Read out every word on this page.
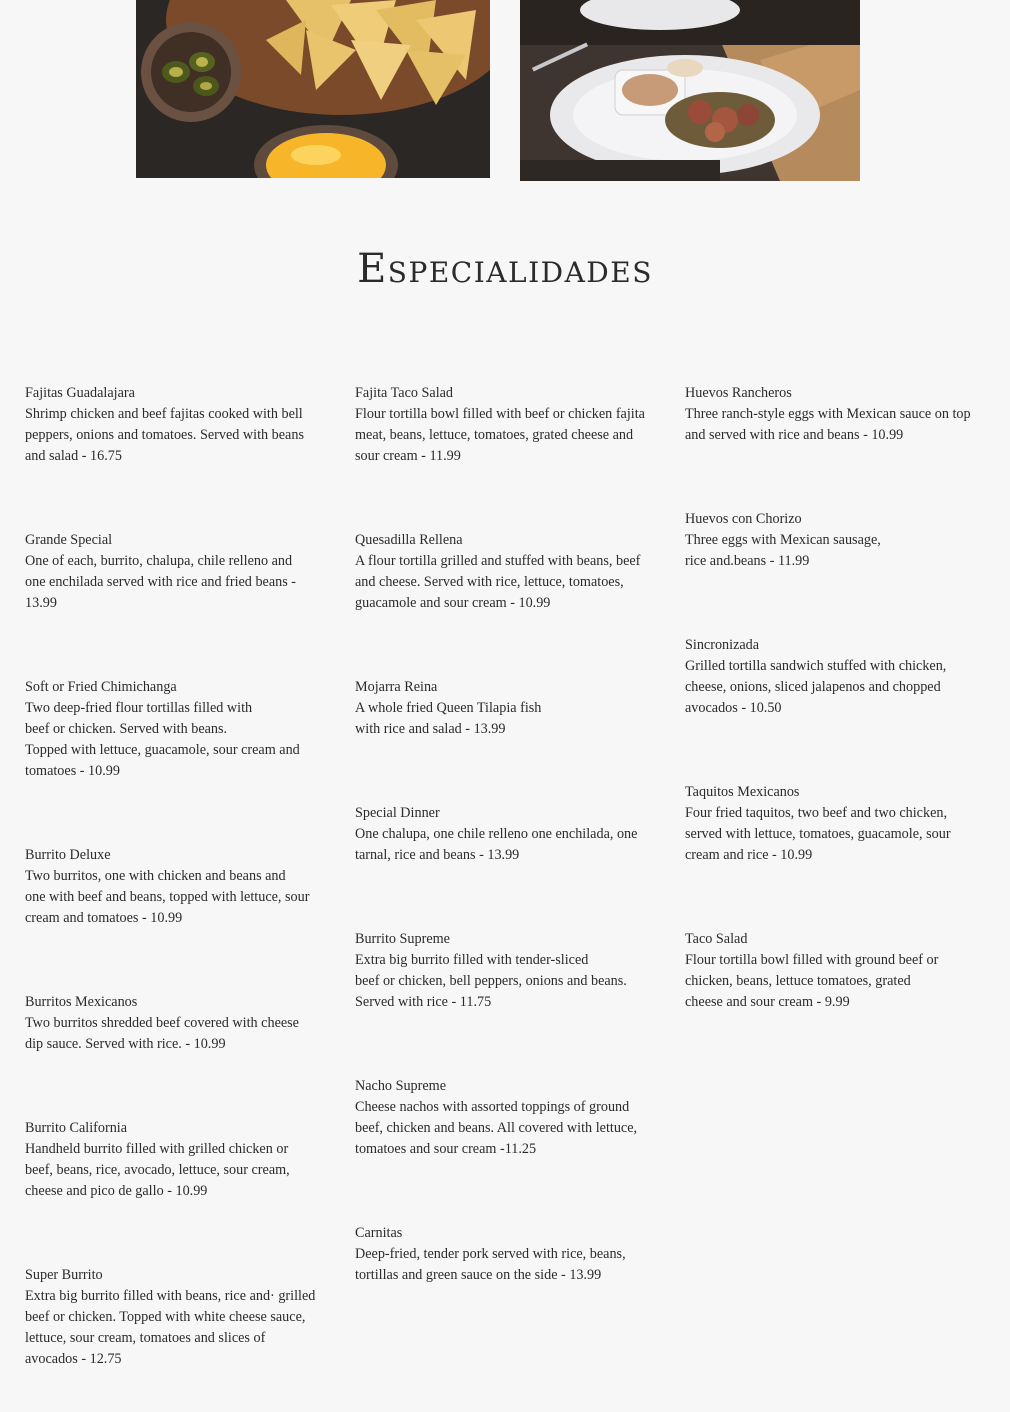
Especialidades

Fajitas Guadalajara
Shrimp chicken and beef fajitas cooked with bell
peppers, onions and tomatoes. Served with beans
and salad - 16.75

Grande Special
One of each, burrito, chalupa, chile relleno and
one enchilada served with rice and fried beans -
13.99

Soft or Fried Chimichanga
Two deep-fried flour tortillas filled with
beef or chicken. Served with beans.
Topped with lettuce, guacamole, sour cream and
tomatoes - 10.99

Burrito Deluxe
Two burritos, one with chicken and beans and
one with beef and beans, topped with lettuce, sour
cream and tomatoes - 10.99

Burritos Mexicanos
Two burritos shredded beef covered with cheese
dip sauce. Served with rice. - 10.99

Burrito California
Handheld burrito filled with grilled chicken or
beef, beans, rice, avocado, lettuce, sour cream,
cheese and pico de gallo - 10.99

Super Burrito
Extra big burrito filled with beans, rice and· grilled
beef or chicken. Topped with white cheese sauce,
lettuce, sour cream, tomatoes and slices of
avocados - 12.75

Fajita Taco Salad
Flour tortilla bowl filled with beef or chicken fajita
meat, beans, lettuce, tomatoes, grated cheese and
sour cream - 11.99

Quesadilla Rellena
A flour tortilla grilled and stuffed with beans, beef
and cheese. Served with rice, lettuce, tomatoes,
guacamole and sour cream - 10.99

Mojarra Reina
A whole fried Queen Tilapia fish
with rice and salad - 13.99

Special Dinner
One chalupa, one chile relleno one enchilada, one
tarnal, rice and beans - 13.99

Burrito Supreme
Extra big burrito filled with tender-sliced
beef or chicken, bell peppers, onions and beans.
Served with rice - 11.75

Nacho Supreme
Cheese nachos with assorted toppings of ground
beef, chicken and beans. All covered with lettuce,
tomatoes and sour cream -11.25

Carnitas
Deep-fried, tender pork served with rice, beans,
tortillas and green sauce on the side - 13.99

Huevos Rancheros
Three ranch-style eggs with Mexican sauce on top
and served with rice and beans - 10.99

Huevos con Chorizo
Three eggs with Mexican sausage,
rice and.beans - 11.99

Sincronizada
Grilled tortilla sandwich stuffed with chicken,
cheese, onions, sliced jalapenos and chopped
avocados - 10.50

Taquitos Mexicanos
Four fried taquitos, two beef and two chicken,
served with lettuce, tomatoes, guacamole, sour
cream and rice - 10.99

Taco Salad
Flour tortilla bowl filled with ground beef or
chicken, beans, lettuce tomatoes, grated
cheese and sour cream - 9.99
